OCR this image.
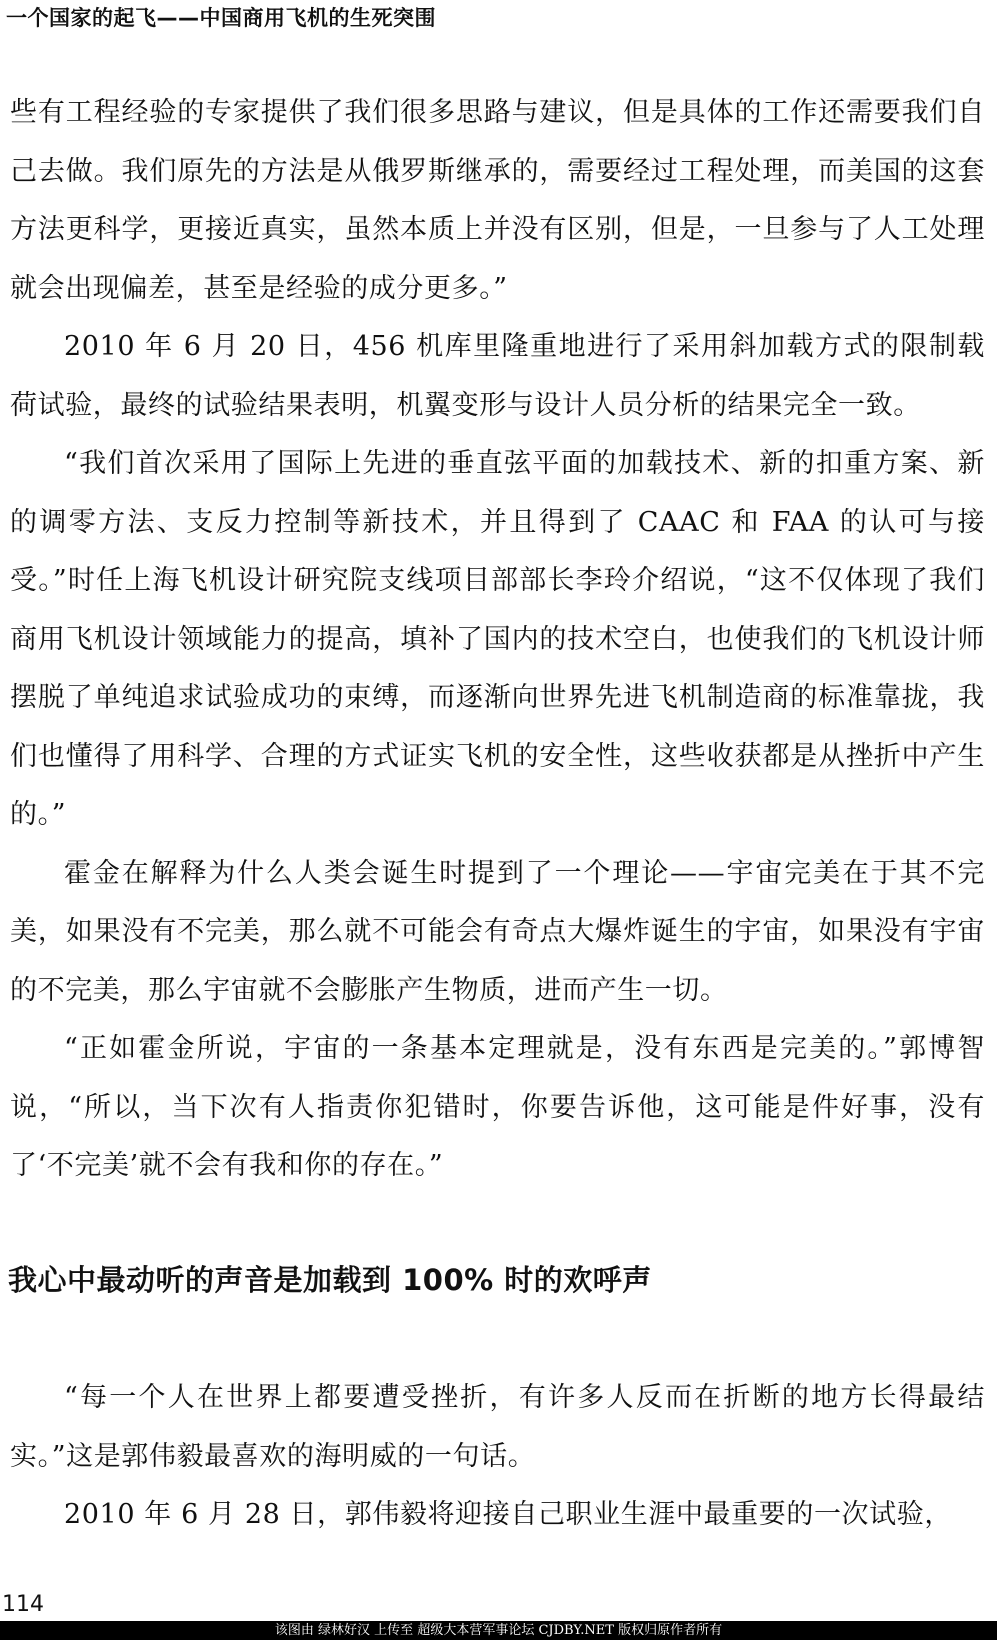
一个国家的起飞——中国商用飞机的生死突围

些有工程经验的专家提供了我们很多思路与建议，但是具体的工作还需要我们自己去做。我们原先的方法是从俄罗斯继承的，需要经过工程处理，而美国的这套方法更科学，更接近真实，虽然本质上并没有区别，但是，一旦参与了人工处理就会出现偏差，甚至是经验的成分更多。”

2010 年 6 月 20 日，456 机库里隆重地进行了采用斜加载方式的限制载荷试验，最终的试验结果表明，机翼变形与设计人员分析的结果完全一致。

“我们首次采用了国际上先进的垂直弦平面的加载技术、新的扣重方案、新的调零方法、支反力控制等新技术，并且得到了 CAAC 和 FAA 的认可与接受。”时任上海飞机设计研究院支线项目部部长李玲介绍说，“这不仅体现了我们商用飞机设计领域能力的提高，填补了国内的技术空白，也使我们的飞机设计师摆脱了单纯追求试验成功的束缚，而逐渐向世界先进飞机制造商的标准靠拢，我们也懂得了用科学、合理的方式证实飞机的安全性，这些收获都是从挫折中产生的。”

霍金在解释为什么人类会诞生时提到了一个理论——宇宙完美在于其不完美，如果没有不完美，那么就不可能会有奇点大爆炸诞生的宇宙，如果没有宇宙的不完美，那么宇宙就不会膨胀产生物质，进而产生一切。

“正如霍金所说，宇宙的一条基本定理就是，没有东西是完美的。”郭博智说，“所以，当下次有人指责你犯错时，你要告诉他，这可能是件好事，没有了‘不完美’就不会有我和你的存在。”

我心中最动听的声音是加载到 100% 时的欢呼声

“每一个人在世界上都要遭受挫折，有许多人反而在折断的地方长得最结实。”这是郭伟毅最喜欢的海明威的一句话。

2010 年 6 月 28 日，郭伟毅将迎接自己职业生涯中最重要的一次试验，

114
该图由 绿林好汉 上传至 超级大本营军事论坛 CJDBY.NET 版权归原作者所有
